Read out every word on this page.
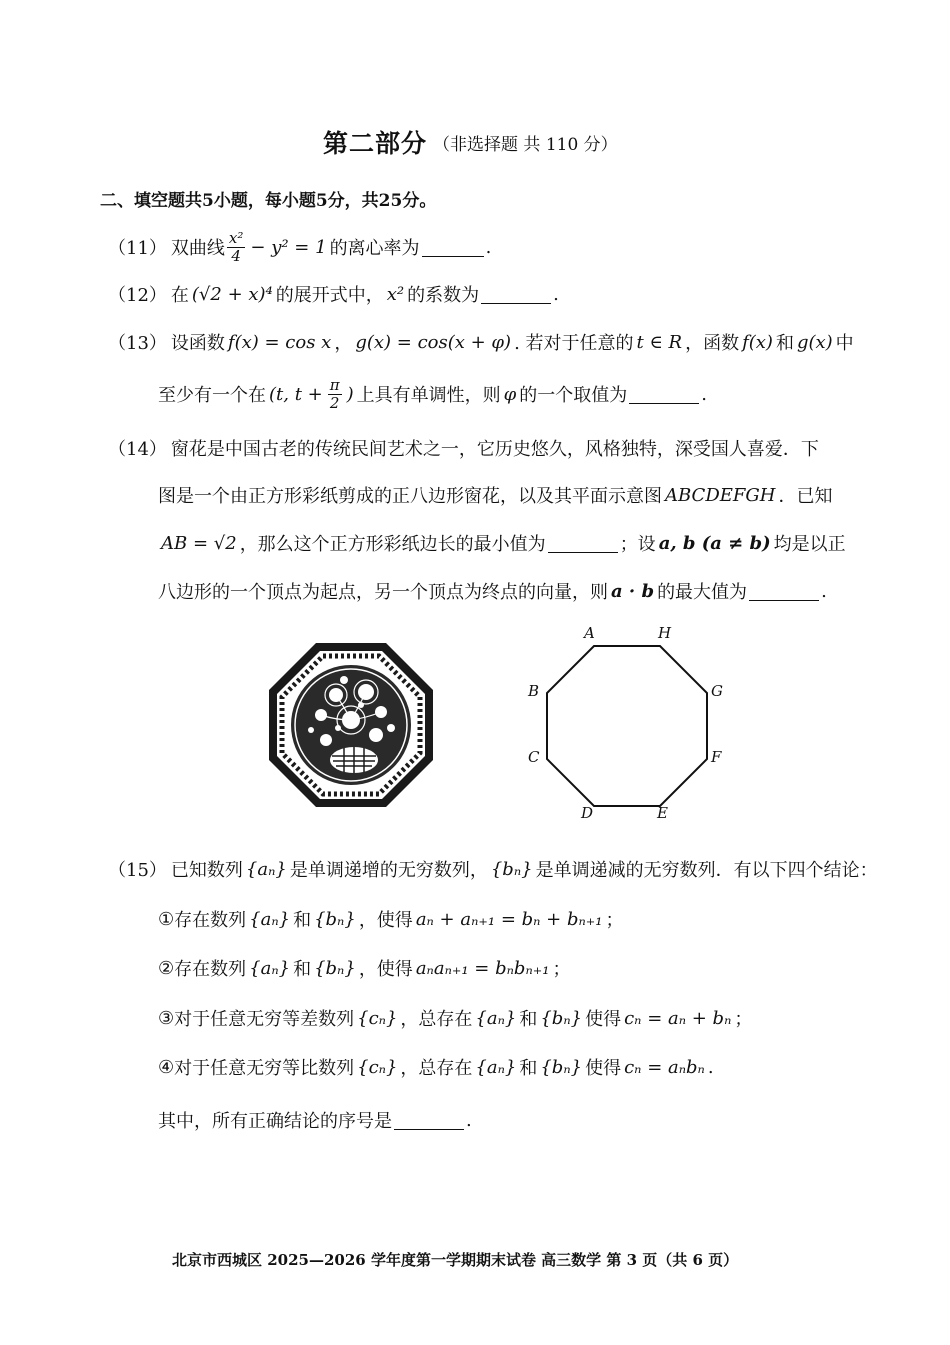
第二部分 （非选择题 共 110 分）
二、填空题共5小题，每小题5分，共25分。
（11） 双曲线 $\frac{\text{x²}}{4} - y^2 = 1$ 的离心率为	.
（12） 在 (√2 + x)⁴ 的展开式中， x² 的系数为	.
（13） 设函数 f(x) = cos x ， g(x) = cos(x + φ) . 若对于任意的 t ∈ R ，函数 f(x) 和 g(x) 中
至少有一个在 (t, $t + \frac{\pi}{2}$ ) 上具有单调性，则 φ 的一个取值为	.
（14） 窗花是中国古老的传统民间艺术之一，它历史悠久，风格独特，深受国人喜爱．下
图是一个由正方形彩纸剪成的正八边形窗花，以及其平面示意图 ABCDEFGH ．已知
AB = √2 ，那么这个正方形彩纸边长的最小值为	；设 a, b (a ≠ b) 均是以正
八边形的一个顶点为起点，另一个顶点为终点的向量，则 a · b 的最大值为	.
A	H
B	G
C	F
D	E
（15） 已知数列 {aₙ} 是单调递增的无穷数列， {bₙ} 是单调递减的无穷数列．有以下四个结论：
① 存在数列 {aₙ} 和 {bₙ} ，使得 aₙ + aₙ₊₁ = bₙ + bₙ₊₁ ；
② 存在数列 {aₙ} 和 {bₙ} ，使得 aₙaₙ₊₁ = bₙbₙ₊₁ ；
③ 对于任意无穷等差数列 {cₙ} ，总存在 {aₙ} 和 {bₙ} 使得 cₙ = aₙ + bₙ ；
④ 对于任意无穷等比数列 {cₙ} ，总存在 {aₙ} 和 {bₙ} 使得 cₙ = aₙbₙ .
其中，所有正确结论的序号是	.
北京市西城区 2025—2026 学年度第一学期期末试卷 高三数学 第 3 页（共 6 页）
